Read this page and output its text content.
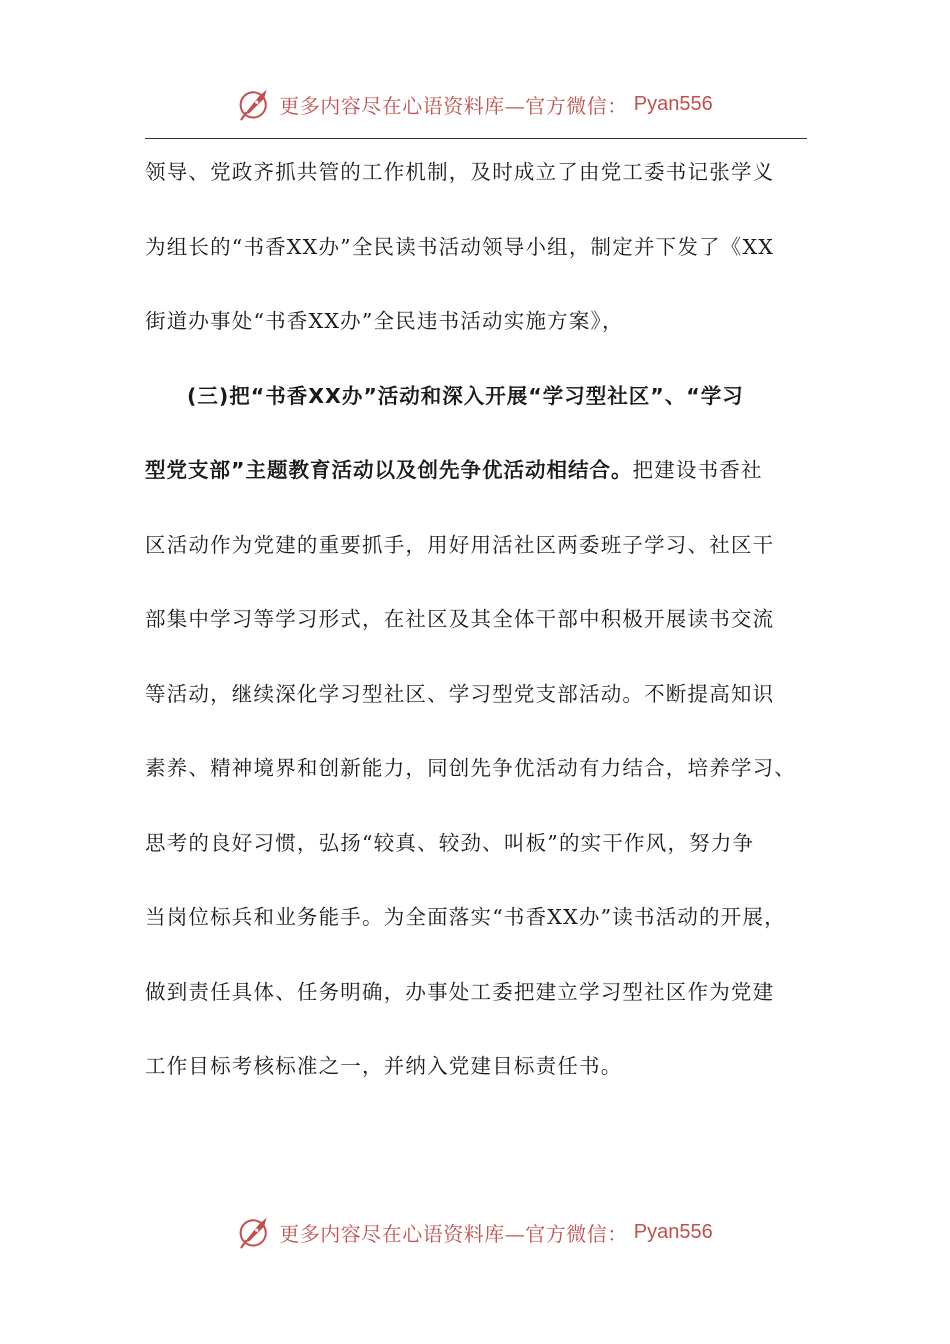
更多内容尽在心语资料库—官方微信： Pyan556
领导、党政齐抓共管的工作机制，及时成立了由党工委书记张学义
为组长的“书香XX办”全民读书活动领导小组，制定并下发了《XX
街道办事处“书香XX办”全民违书活动实施方案》，
(三)把“书香XX办”活动和深入开展“学习型社区”、“学习
型党支部”主题教育活动以及创先争优活动相结合。把建设书香社
区活动作为党建的重要抓手，用好用活社区两委班子学习、社区干
部集中学习等学习形式，在社区及其全体干部中积极开展读书交流
等活动，继续深化学习型社区、学习型党支部活动。不断提高知识
素养、精神境界和创新能力，同创先争优活动有力结合，培养学习、
思考的良好习惯，弘扬“较真、较劲、叫板”的实干作风，努力争
当岗位标兵和业务能手。为全面落实“书香XX办”读书活动的开展，
做到责任具体、任务明确，办事处工委把建立学习型社区作为党建
工作目标考核标准之一，并纳入党建目标责任书。
更多内容尽在心语资料库—官方微信： Pyan556
